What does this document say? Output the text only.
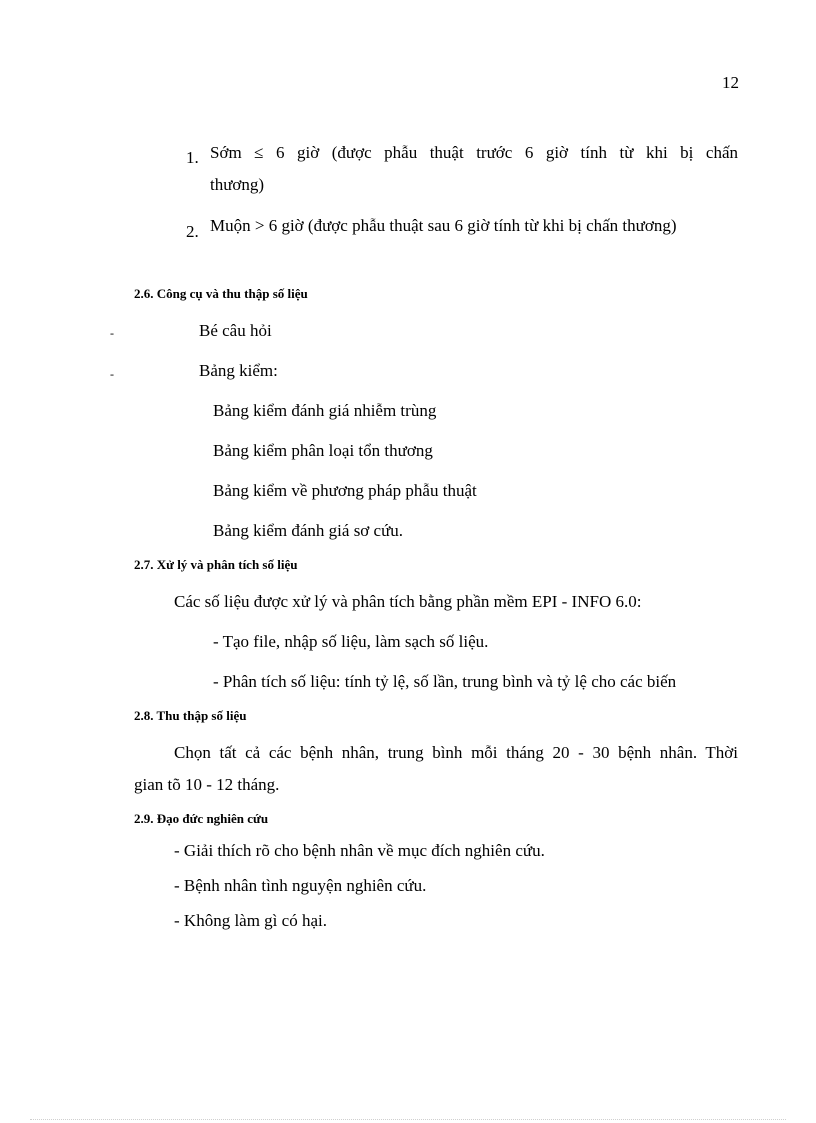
12
1. Sớm ≤ 6 giờ (được phẫu thuật trước 6 giờ tính từ khi bị chấn
thương)
2. Muộn > 6 giờ (được phẫu thuật sau 6 giờ tính từ khi bị chấn thương)
2.6. Công cụ và thu thập số liệu
-	Bé câu hỏi
-	Bảng kiểm:
Bảng kiểm đánh giá nhiễm trùng
Bảng kiểm phân loại tổn thương
Bảng kiểm về phương pháp phẫu thuật
Bảng kiểm đánh giá sơ cứu.
2.7. Xử lý và phân tích số liệu
Các số liệu được xử lý và phân tích bằng phần mềm EPI - INFO 6.0:
- Tạo file, nhập số liệu, làm sạch số liệu.
- Phân tích số liệu: tính tỷ lệ, số lần, trung bình và tỷ lệ cho các biến
2.8. Thu thập số liệu
Chọn tất cả các bệnh nhân, trung bình mỗi tháng 20 - 30 bệnh nhân. Thời
gian tõ 10 - 12 tháng.
2.9. Đạo đức nghiên cứu
- Giải thích rõ cho bệnh nhân về mục đích nghiên cứu.
- Bệnh nhân tình nguyện nghiên cứu.
- Không làm gì có hại.
